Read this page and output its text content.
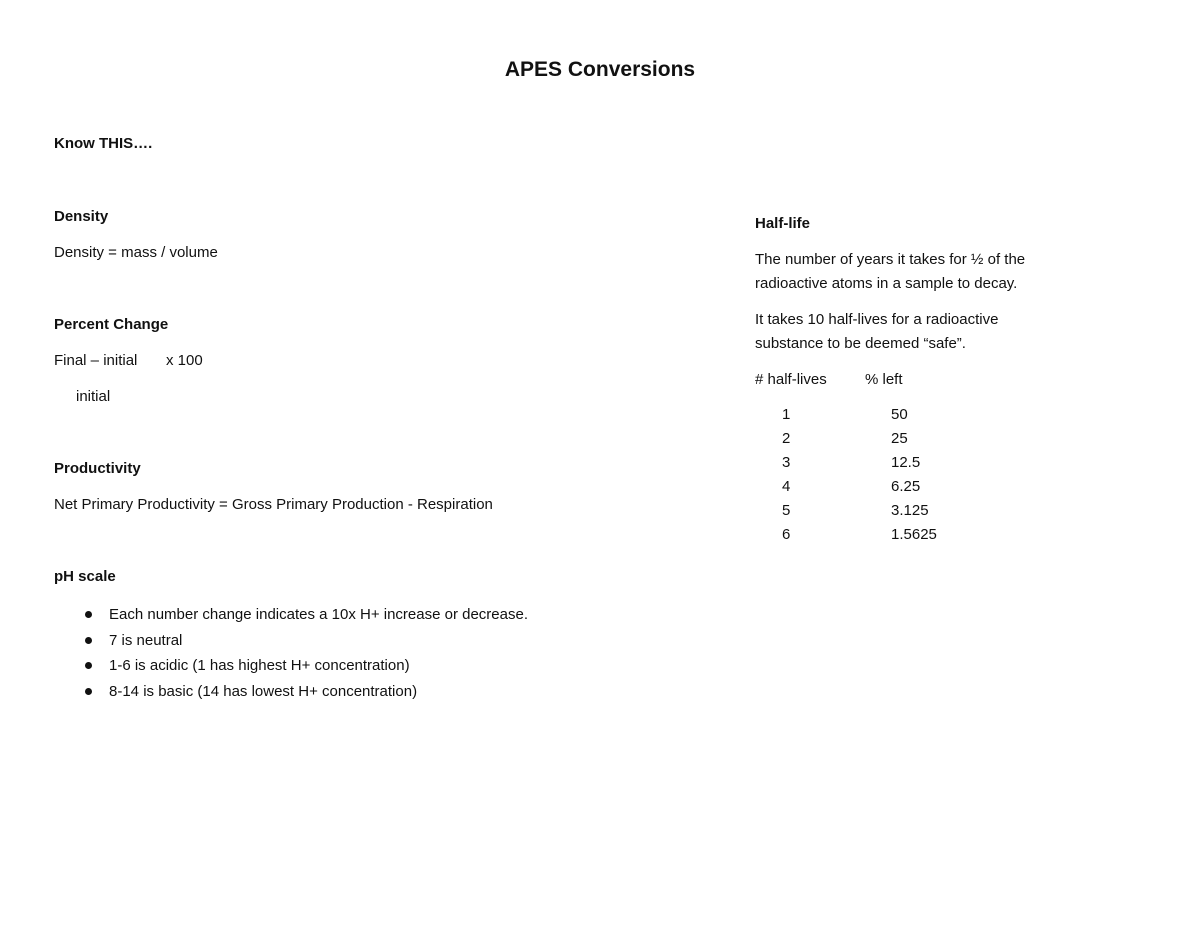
APES Conversions
Know THIS….
Density
Density = mass / volume
Percent Change
Final – initial x 100
initial
Productivity
Net Primary Productivity = Gross Primary Production - Respiration
pH scale
Each number change indicates a 10x H+ increase or decrease.
7 is neutral
1-6 is acidic (1 has highest H+ concentration)
8-14 is basic (14 has lowest H+ concentration)
Half-life
The number of years it takes for ½ of the
radioactive atoms in a sample to decay.
It takes 10 half-lives for a radioactive
substance to be deemed “safe”.
# half-lives	% left
1	50
2	25
3	12.5
4	6.25
5	3.125
6	1.5625
